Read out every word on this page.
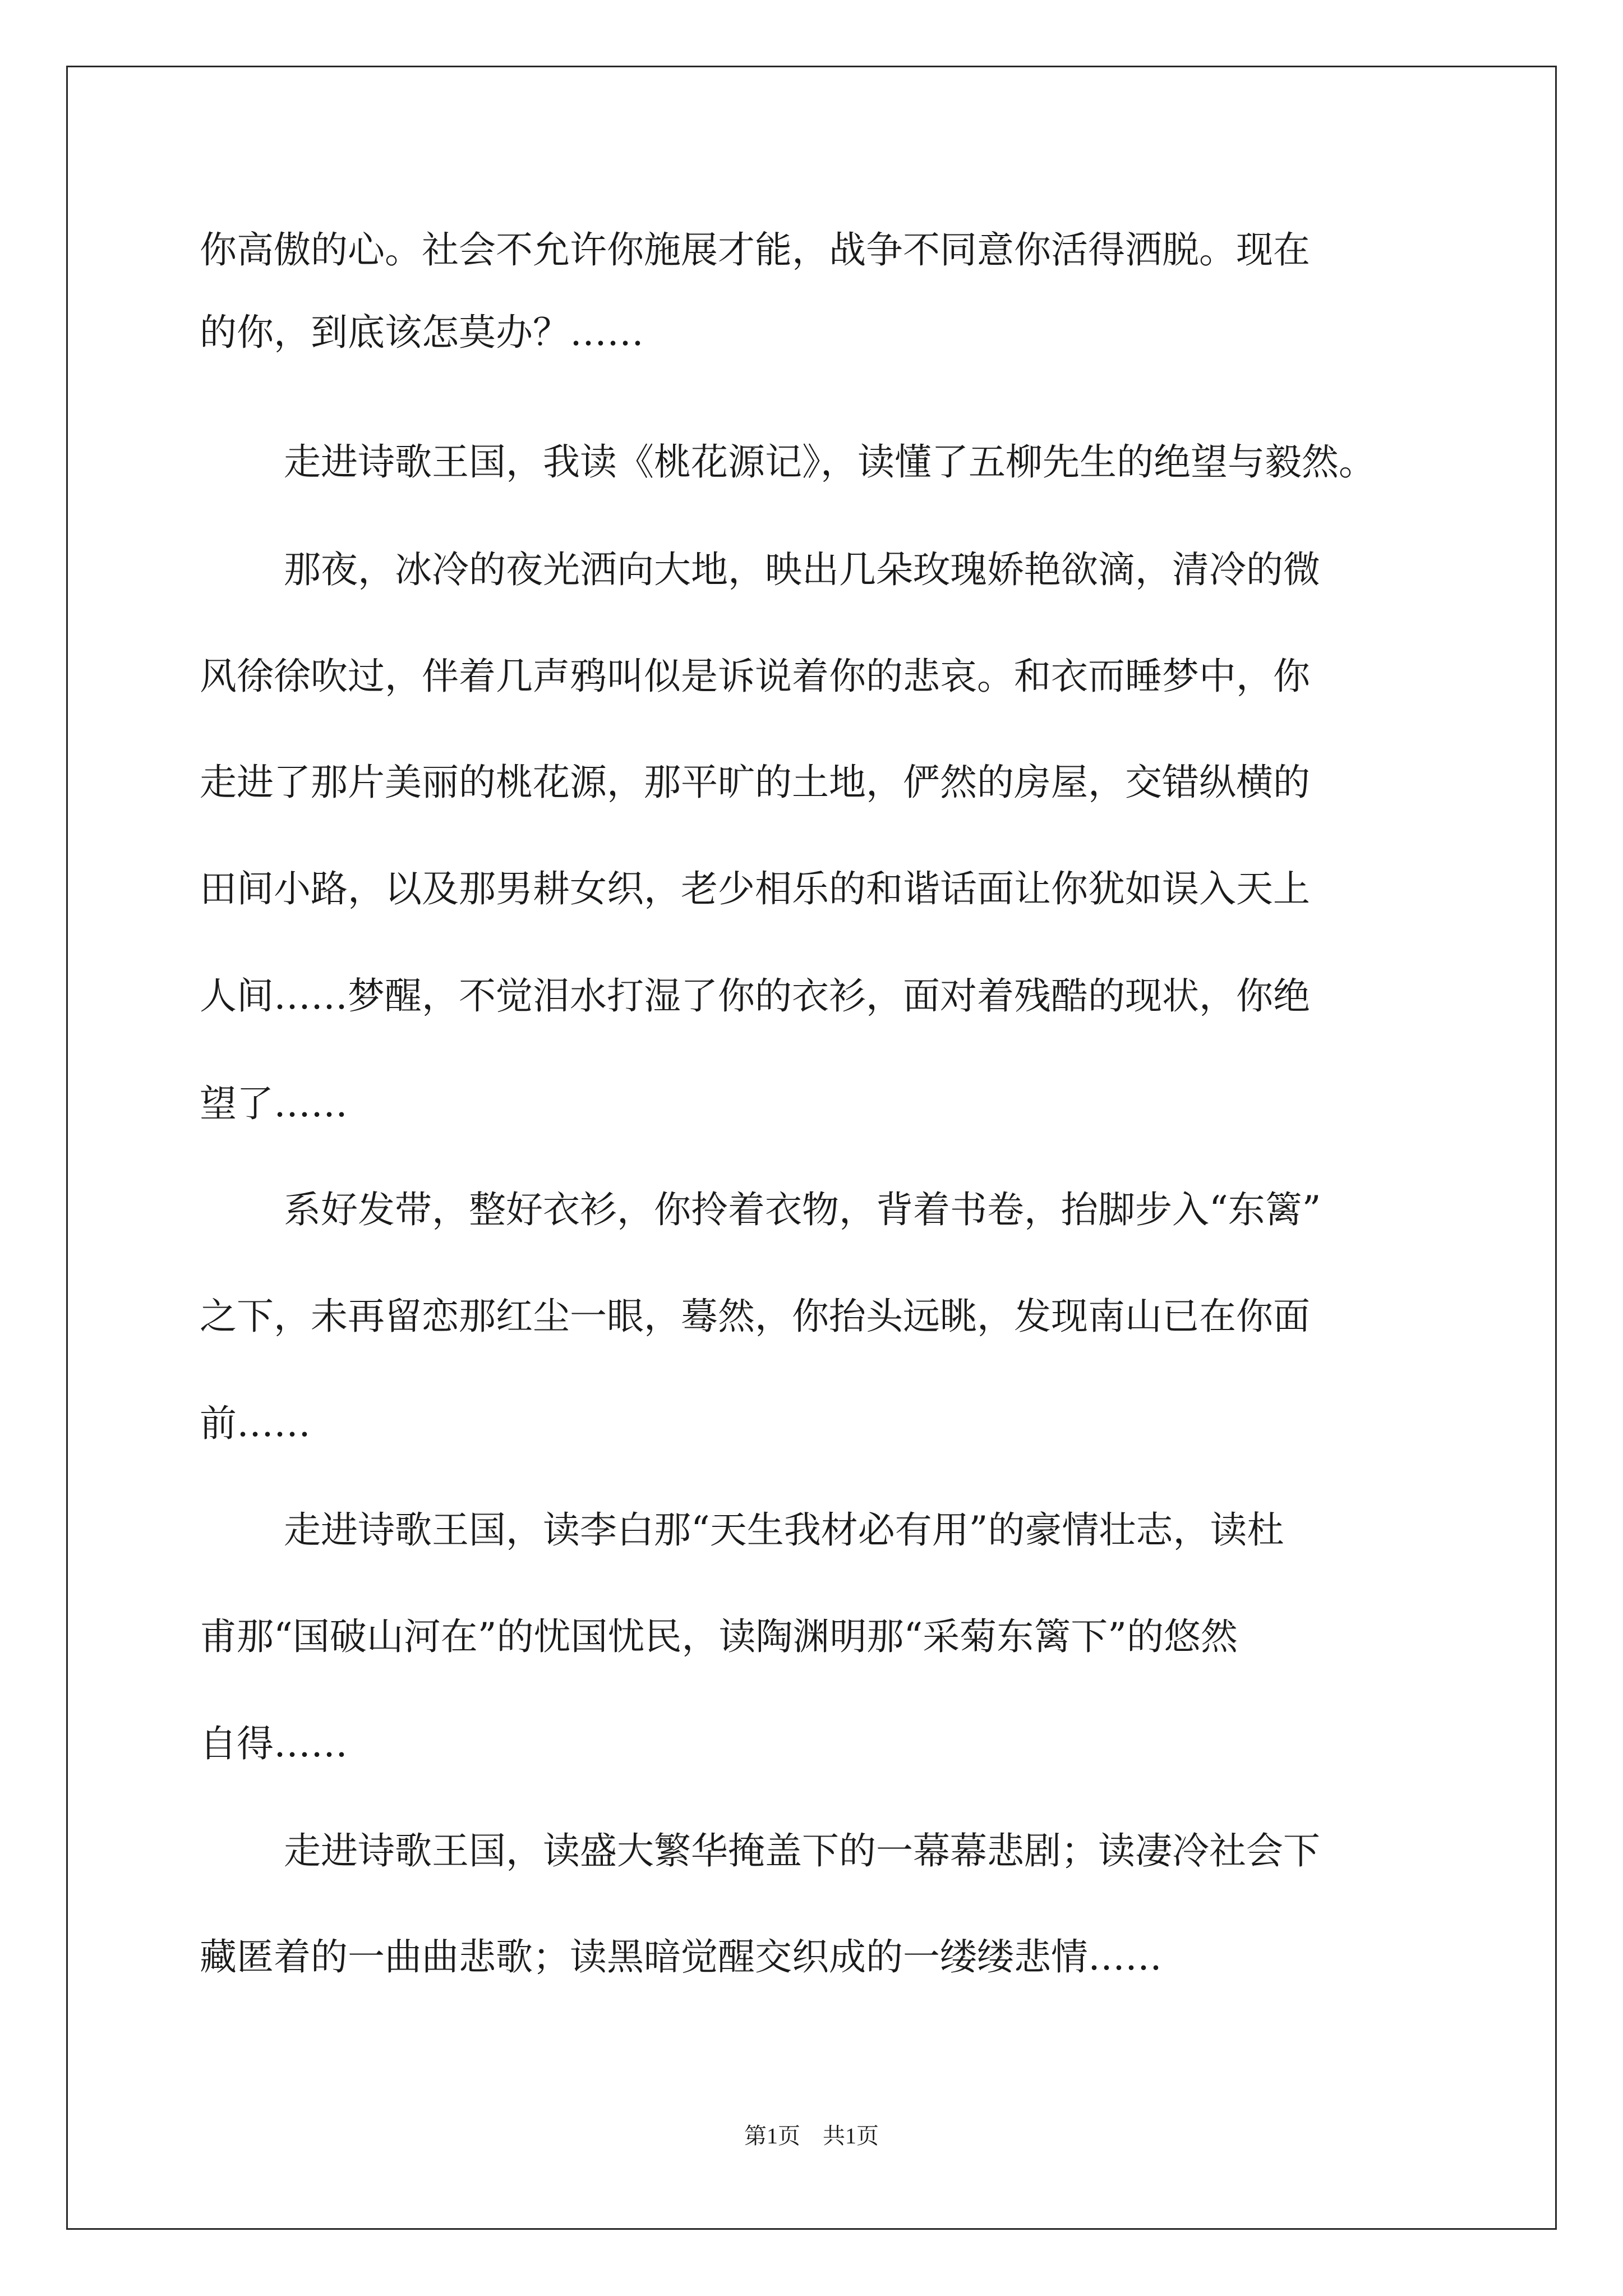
你高傲的心。社会不允许你施展才能，战争不同意你活得洒脱。现在
的你，到底该怎莫办？……
走进诗歌王国，我读《桃花源记》，读懂了五柳先生的绝望与毅然。
那夜，冰冷的夜光洒向大地，映出几朵玫瑰娇艳欲滴，清冷的微
风徐徐吹过，伴着几声鸦叫似是诉说着你的悲哀。和衣而睡梦中，你
走进了那片美丽的桃花源，那平旷的土地，俨然的房屋，交错纵横的
田间小路，以及那男耕女织，老少相乐的和谐话面让你犹如误入天上
人间……梦醒，不觉泪水打湿了你的衣衫，面对着残酷的现状，你绝
望了……
系好发带，整好衣衫，你拎着衣物，背着书卷，抬脚步入“东篱”
之下，未再留恋那红尘一眼，蓦然，你抬头远眺，发现南山已在你面
前……
走进诗歌王国，读李白那“天生我材必有用”的豪情壮志，读杜
甫那“国破山河在”的忧国忧民，读陶渊明那“采菊东篱下”的悠然
自得……
走进诗歌王国，读盛大繁华掩盖下的一幕幕悲剧；读凄冷社会下
藏匿着的一曲曲悲歌；读黑暗觉醒交织成的一缕缕悲情……
第1页 共1页
